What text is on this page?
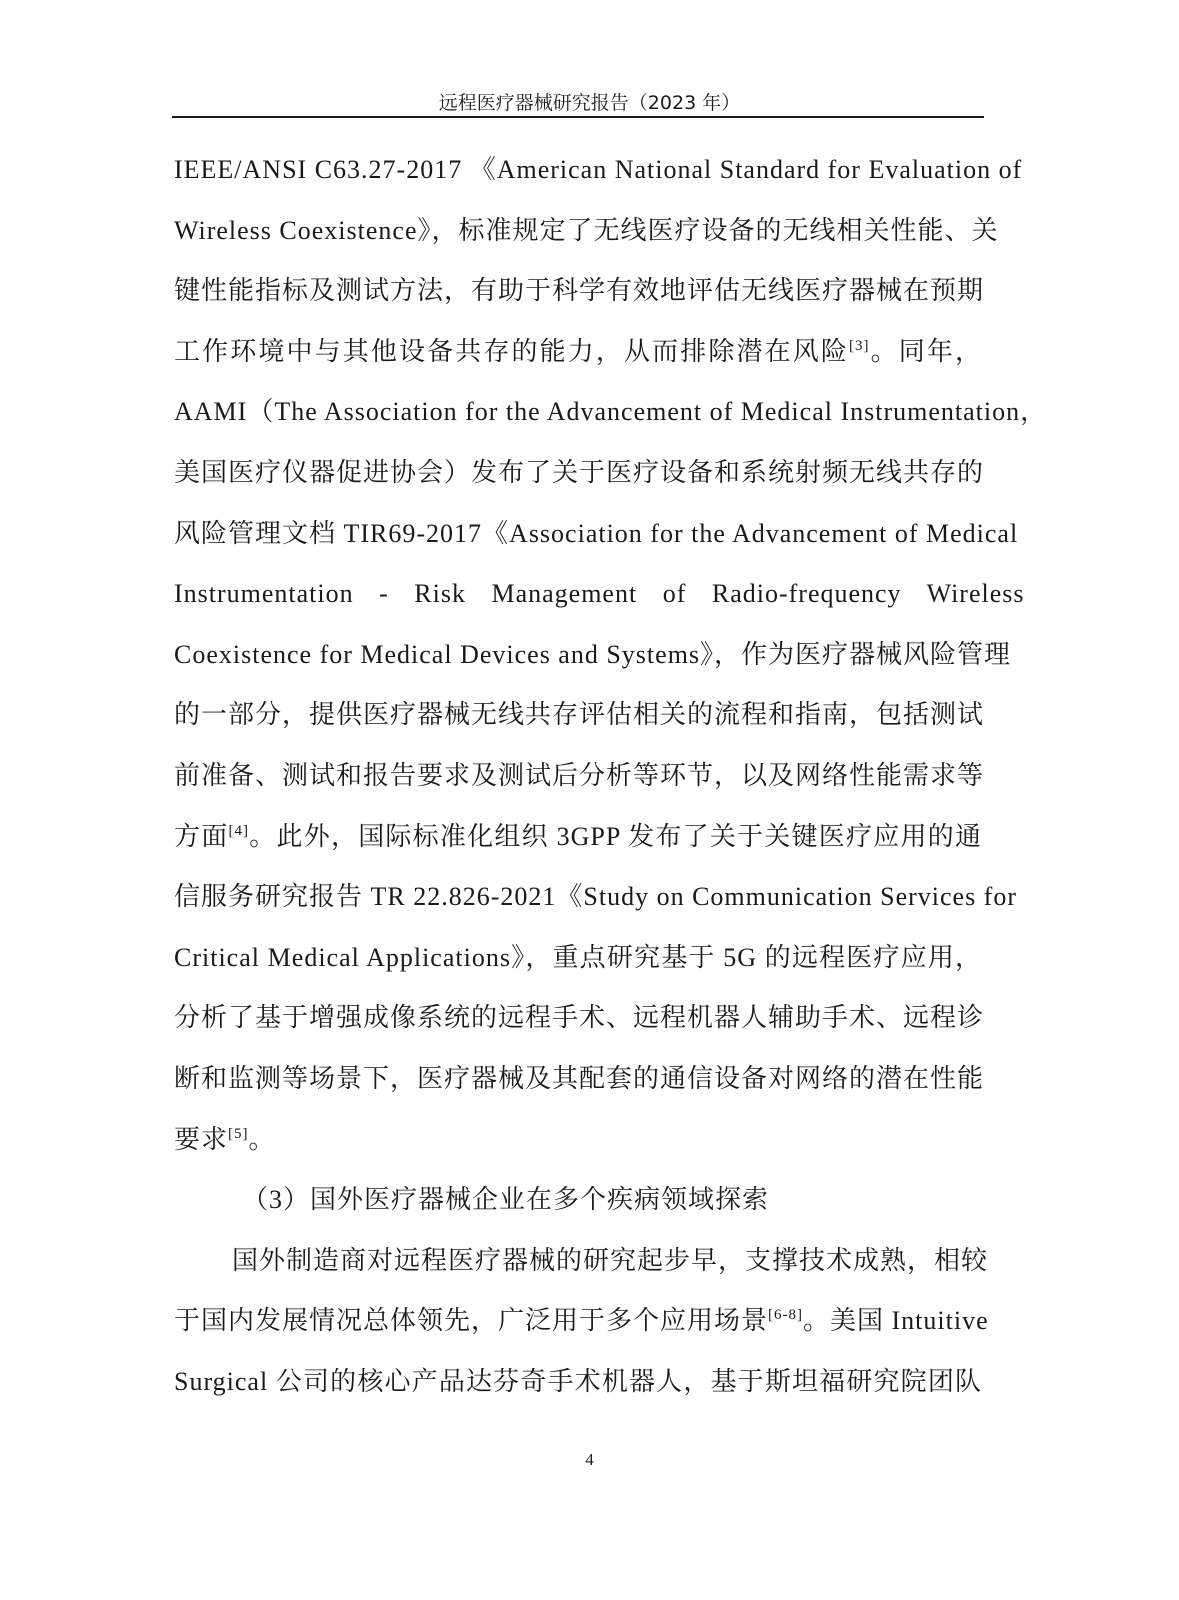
远程医疗器械研究报告（2023 年）
IEEE/ANSI C63.27-2017 《American National Standard for Evaluation of
Wireless Coexistence》，标准规定了无线医疗设备的无线相关性能、关
键性能指标及测试方法，有助于科学有效地评估无线医疗器械在预期
工作环境中与其他设备共存的能力，从而排除潜在风险[3]。同年，
AAMI（The Association for the Advancement of Medical Instrumentation，
美国医疗仪器促进协会）发布了关于医疗设备和系统射频无线共存的
风险管理文档 TIR69-2017《Association for the Advancement of Medical
Instrumentation - Risk Management of Radio-frequency Wireless
Coexistence for Medical Devices and Systems》，作为医疗器械风险管理
的一部分，提供医疗器械无线共存评估相关的流程和指南，包括测试
前准备、测试和报告要求及测试后分析等环节，以及网络性能需求等
方面[4]。此外，国际标准化组织 3GPP 发布了关于关键医疗应用的通
信服务研究报告 TR 22.826-2021《Study on Communication Services for
Critical Medical Applications》，重点研究基于 5G 的远程医疗应用，
分析了基于增强成像系统的远程手术、远程机器人辅助手术、远程诊
断和监测等场景下，医疗器械及其配套的通信设备对网络的潜在性能
要求[5]。
（3）国外医疗器械企业在多个疾病领域探索
国外制造商对远程医疗器械的研究起步早，支撑技术成熟，相较
于国内发展情况总体领先，广泛用于多个应用场景[6-8]。美国 Intuitive
Surgical 公司的核心产品达芬奇手术机器人，基于斯坦福研究院团队
4
